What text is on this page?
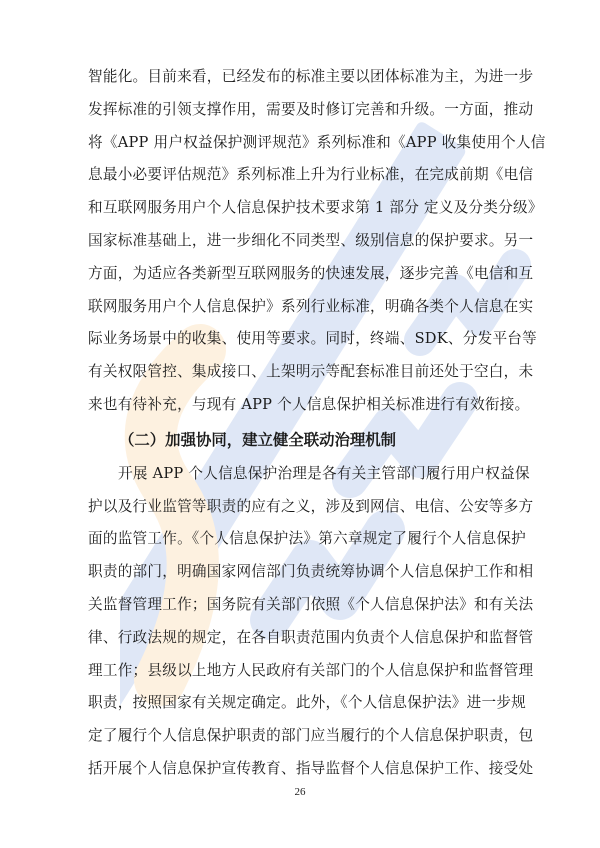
智能化。目前来看，已经发布的标准主要以团体标准为主，为进一步
发挥标准的引领支撑作用，需要及时修订完善和升级。一方面，推动
将《APP 用户权益保护测评规范》系列标准和《APP 收集使用个人信
息最小必要评估规范》系列标准上升为行业标准，在完成前期《电信
和互联网服务用户个人信息保护技术要求第 1 部分 定义及分类分级》
国家标准基础上，进一步细化不同类型、级别信息的保护要求。另一
方面，为适应各类新型互联网服务的快速发展，逐步完善《电信和互
联网服务用户个人信息保护》系列行业标准，明确各类个人信息在实
际业务场景中的收集、使用等要求。同时，终端、SDK、分发平台等
有关权限管控、集成接口、上架明示等配套标准目前还处于空白，未
来也有待补充，与现有 APP 个人信息保护相关标准进行有效衔接。
（二）加强协同，建立健全联动治理机制
开展 APP 个人信息保护治理是各有关主管部门履行用户权益保
护以及行业监管等职责的应有之义，涉及到网信、电信、公安等多方
面的监管工作。《个人信息保护法》第六章规定了履行个人信息保护
职责的部门，明确国家网信部门负责统筹协调个人信息保护工作和相
关监督管理工作；国务院有关部门依照《个人信息保护法》和有关法
律、行政法规的规定，在各自职责范围内负责个人信息保护和监督管
理工作；县级以上地方人民政府有关部门的个人信息保护和监督管理
职责，按照国家有关规定确定。此外，《个人信息保护法》进一步规
定了履行个人信息保护职责的部门应当履行的个人信息保护职责，包
括开展个人信息保护宣传教育、指导监督个人信息保护工作、接受处
26
